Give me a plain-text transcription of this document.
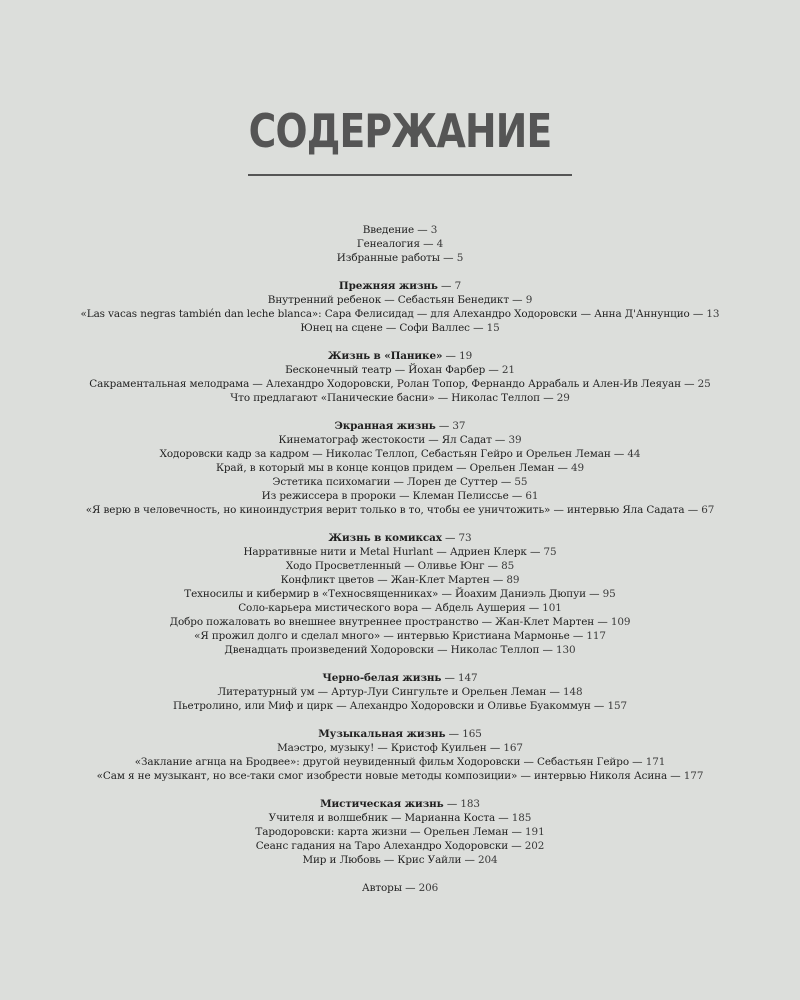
СОДЕРЖАНИЕ
Введение — 3
Генеалогия — 4
Избранные работы — 5
Прежняя жизнь — 7
Внутренний ребенок — Себастьян Бенедикт — 9
«Las vacas negras también dan leche blanca»: Сара Фелисидад — для Алехандро Ходоровски — Анна Д'Аннунцио — 13
Юнец на сцене — Софи Валлес — 15
Жизнь в «Панике» — 19
Бесконечный театр — Йохан Фарбер — 21
Сакраментальная мелодрама — Алехандро Ходоровски, Ролан Топор, Фернандо Аррабаль и Ален-Ив Леяуан — 25
Что предлагают «Панические басни» — Николас Теллоп — 29
Экранная жизнь — 37
Кинематограф жестокости — Ял Садат — 39
Ходоровски кадр за кадром — Николас Теллоп, Себастьян Гейро и Орельен Леман — 44
Край, в который мы в конце концов придем — Орельен Леман — 49
Эстетика психомагии — Лорен де Суттер — 55
Из режиссера в пророки — Клеман Пелиссье — 61
«Я верю в человечность, но киноиндустрия верит только в то, чтобы ее уничтожить» — интервью Яла Садата — 67
Жизнь в комиксах — 73
Нарративные нити и Metal Hurlant — Адриен Клерк — 75
Ходо Просветленный — Оливье Юнг — 85
Конфликт цветов — Жан-Клет Мартен — 89
Техносилы и кибермир в «Техносвященниках» — Йоахим Даниэль Дюпуи — 95
Соло-карьера мистического вора — Абдель Аушерия — 101
Добро пожаловать во внешнее внутреннее пространство — Жан-Клет Мартен — 109
«Я прожил долго и сделал много» — интервью Кристиана Мармонье — 117
Двенадцать произведений Ходоровски — Николас Теллоп — 130
Черно-белая жизнь — 147
Литературный ум — Артур-Луи Сингульте и Орельен Леман — 148
Пьетролино, или Миф и цирк — Алехандро Ходоровски и Оливье Буакоммун — 157
Музыкальная жизнь — 165
Маэстро, музыку! — Кристоф Куильен — 167
«Заклание агнца на Бродвее»: другой неувиденный фильм Ходоровски — Себастьян Гейро — 171
«Сам я не музыкант, но все-таки смог изобрести новые методы композиции» — интервью Николя Асина — 177
Мистическая жизнь — 183
Учителя и волшебник — Марианна Коста — 185
Тародоровски: карта жизни — Орельен Леман — 191
Сеанс гадания на Таро Алехандро Ходоровски — 202
Мир и Любовь — Крис Уайли — 204
Авторы — 206
